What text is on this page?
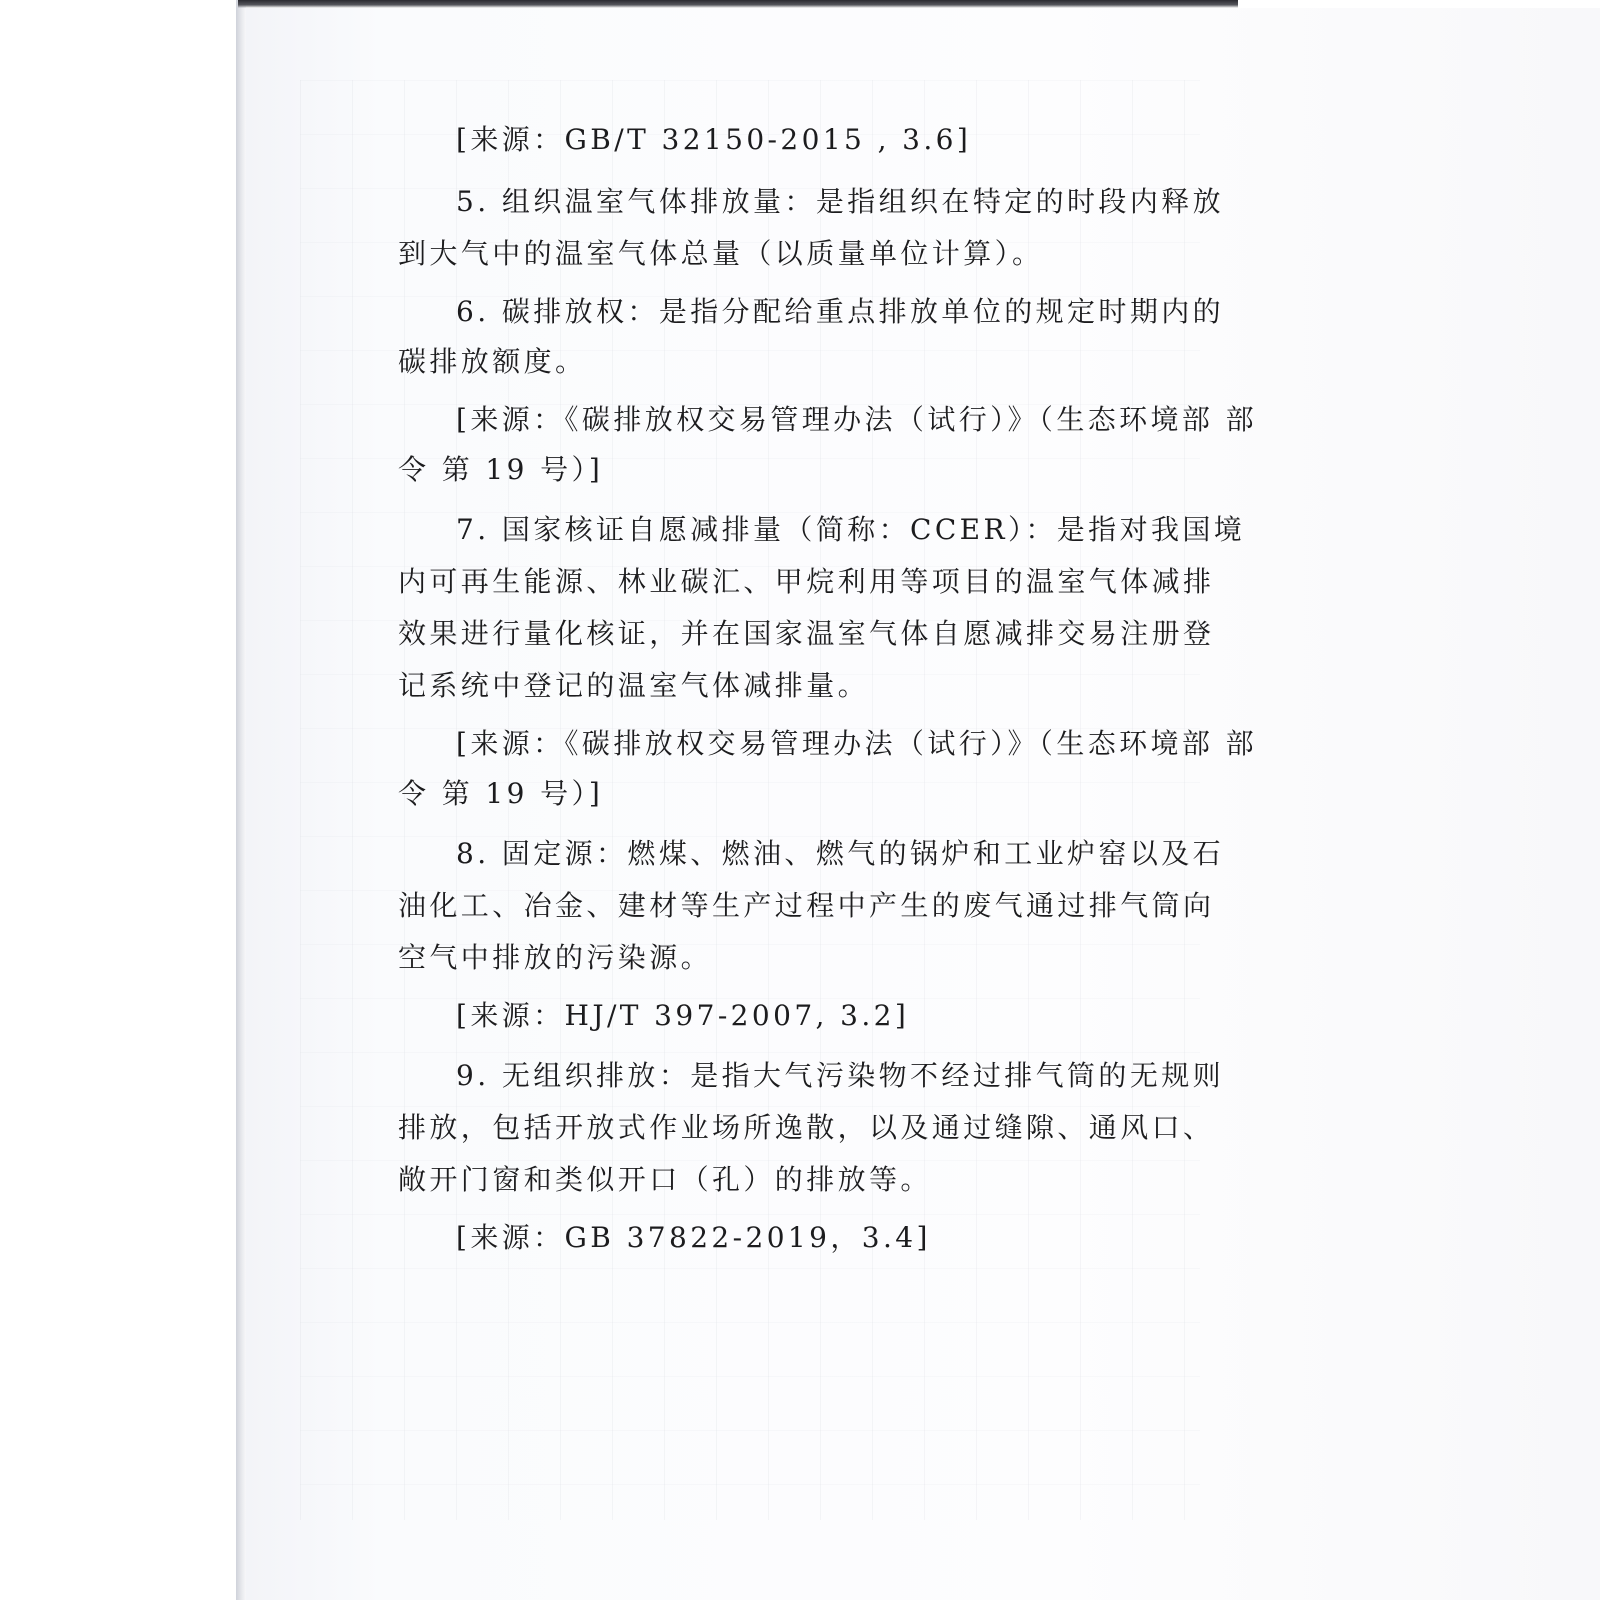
[来源：GB/T 32150-2015 , 3.6]
5. 组织温室气体排放量：是指组织在特定的时段内释放
到大气中的温室气体总量（以质量单位计算）。
6. 碳排放权：是指分配给重点排放单位的规定时期内的
碳排放额度。
[来源：《碳排放权交易管理办法（试行）》（生态环境部 部
令 第 19 号）]
7. 国家核证自愿减排量（简称：CCER）：是指对我国境
内可再生能源、林业碳汇、甲烷利用等项目的温室气体减排
效果进行量化核证，并在国家温室气体自愿减排交易注册登
记系统中登记的温室气体减排量。
[来源：《碳排放权交易管理办法（试行）》（生态环境部 部
令 第 19 号）]
8. 固定源：燃煤、燃油、燃气的锅炉和工业炉窑以及石
油化工、冶金、建材等生产过程中产生的废气通过排气筒向
空气中排放的污染源。
[来源：HJ/T 397-2007, 3.2]
9. 无组织排放：是指大气污染物不经过排气筒的无规则
排放，包括开放式作业场所逸散，以及通过缝隙、通风口、
敞开门窗和类似开口（孔）的排放等。
[来源：GB 37822-2019，3.4]
